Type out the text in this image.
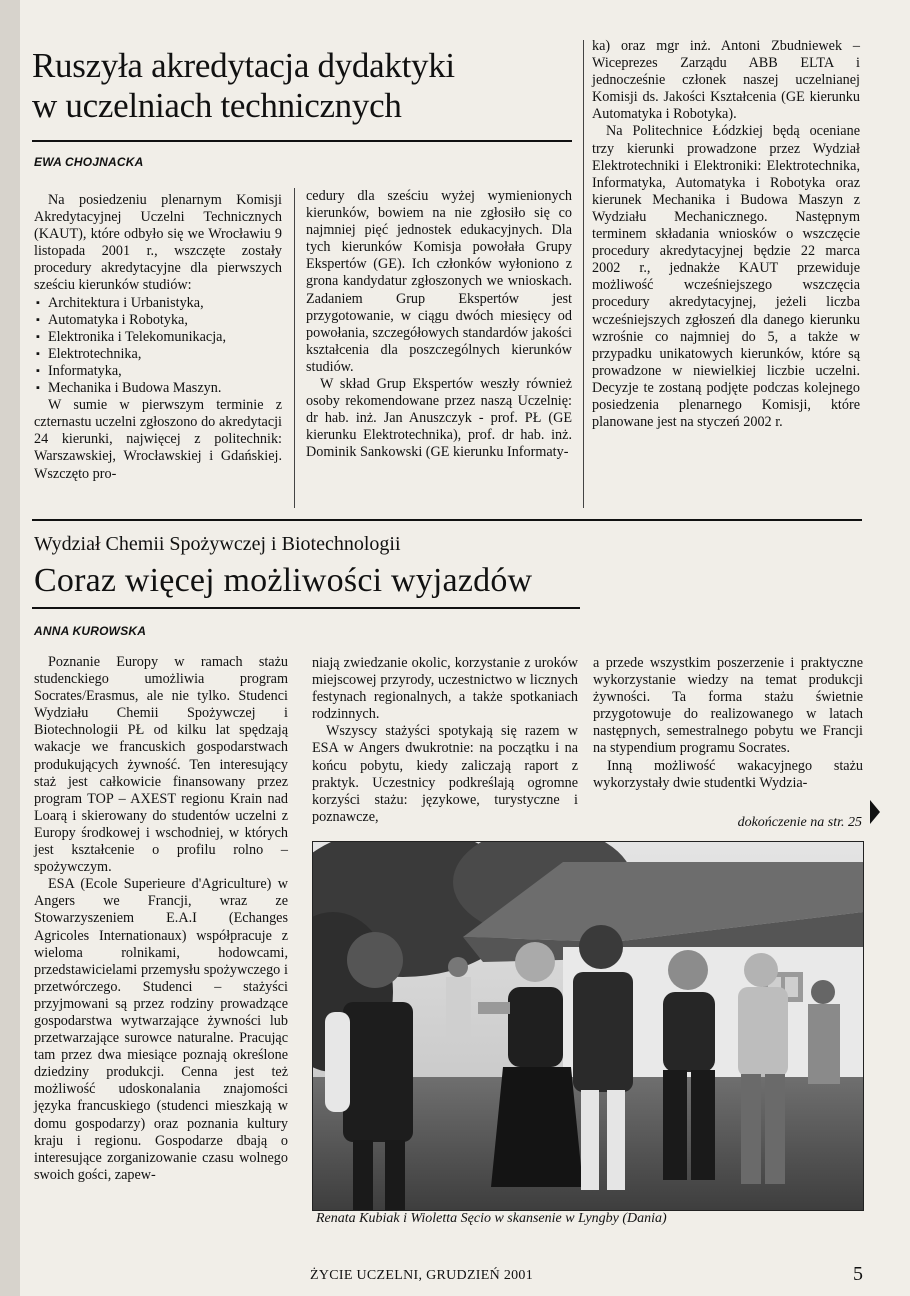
Ruszyła akredytacja dydaktyki
w uczelniach technicznych
EWA CHOJNACKA

Na posiedzeniu plenarnym Komisji Akredytacyjnej Uczelni Technicznych (KAUT), które odbyło się we Wrocławiu 9 listopada 2001 r., wszczęte zostały procedury akredytacyjne dla pierwszych sześciu kierunków studiów:

▪ Architektura i Urbanistyka,
▪ Automatyka i Robotyka,
▪ Elektronika i Telekomunikacja,
▪ Elektrotechnika,
▪ Informatyka,
▪ Mechanika i Budowa Maszyn.

W sumie w pierwszym terminie z czternastu uczelni zgłoszono do akredytacji 24 kierunki, najwięcej z politechnik: Warszawskiej, Wrocławskiej i Gdańskiej. Wszczęto pro-

cedury dla sześciu wyżej wymienionych kierunków, bowiem na nie zgłosiło się co najmniej pięć jednostek edukacyjnych. Dla tych kierunków Komisja powołała Grupy Ekspertów (GE). Ich członków wyłoniono z grona kandydatur zgłoszonych we wnioskach. Zadaniem Grup Ekspertów jest przygotowanie, w ciągu dwóch miesięcy od powołania, szczegółowych standardów jakości kształcenia dla poszczególnych kierunków studiów.

W skład Grup Ekspertów weszły również osoby rekomendowane przez naszą Uczelnię: dr hab. inż. Jan Anuszczyk - prof. PŁ (GE kierunku Elektrotechnika), prof. dr hab. inż. Dominik Sankowski (GE kierunku Informaty-

ka) oraz mgr inż. Antoni Zbudniewek – Wiceprezes Zarządu ABB ELTA i jednocześnie członek naszej uczelnianej Komisji ds. Jakości Kształcenia (GE kierunku Automatyka i Robotyka).

Na Politechnice Łódzkiej będą oceniane trzy kierunki prowadzone przez Wydział Elektrotechniki i Elektroniki: Elektrotechnika, Informatyka, Automatyka i Robotyka oraz kierunek Mechanika i Budowa Maszyn z Wydziału Mechanicznego. Następnym terminem składania wniosków o wszczęcie procedury akredytacyjnej będzie 22 marca 2002 r., jednakże KAUT przewiduje możliwość wcześniejszego wszczęcia procedury akredytacyjnej, jeżeli liczba wcześniejszych zgłoszeń dla danego kierunku wzrośnie co najmniej do 5, a także w przypadku unikatowych kierunków, które są prowadzone w niewielkiej liczbie uczelni. Decyzje te zostaną podjęte podczas kolejnego posiedzenia plenarnego Komisji, które planowane jest na styczeń 2002 r.

Wydział Chemii Spożywczej i Biotechnologii
Coraz więcej możliwości wyjazdów
ANNA KUROWSKA

Poznanie Europy w ramach stażu studenckiego umożliwia program Socrates/Erasmus, ale nie tylko. Studenci Wydziału Chemii Spożywczej i Biotechnologii PŁ od kilku lat spędzają wakacje we francuskich gospodarstwach produkujących żywność. Ten interesujący staż jest całkowicie finansowany przez program TOP – AXEST regionu Krain nad Loarą i skierowany do studentów uczelni z Europy środkowej i wschodniej, w których jest kształcenie o profilu rolno – spożywczym.

ESA (Ecole Superieure d'Agriculture) w Angers we Francji, wraz ze Stowarzyszeniem E.A.I (Echanges Agricoles Internationaux) współpracuje z wieloma rolnikami, hodowcami, przedstawicielami przemysłu spożywczego i przetwórczego. Studenci – stażyści przyjmowani są przez rodziny prowadzące gospodarstwa wytwarzające żywności lub przetwarzające surowce naturalne. Pracując tam przez dwa miesiące poznają określone dziedziny produkcji. Cenna jest też możliwość udoskonalania znajomości języka francuskiego (studenci mieszkają w domu gospodarzy) oraz poznania kultury kraju i regionu. Gospodarze dbają o interesujące zorganizowanie czasu wolnego swoich gości, zapew-

niają zwiedzanie okolic, korzystanie z uroków miejscowej przyrody, uczestnictwo w licznych festynach regionalnych, a także spotkaniach rodzinnych.

Wszyscy stażyści spotykają się razem w ESA w Angers dwukrotnie: na początku i na końcu pobytu, kiedy zaliczają raport z praktyk. Uczestnicy podkreślają ogromne korzyści stażu: językowe, turystyczne i poznawcze,

a przede wszystkim poszerzenie i praktyczne wykorzystanie wiedzy na temat produkcji żywności. Ta forma stażu świetnie przygotowuje do realizowanego w latach następnych, semestralnego pobytu we Francji na stypendium programu Socrates.

Inną możliwość wakacyjnego stażu wykorzystały dwie studentki Wydzia-

dokończenie na str. 25
Renata Kubiak i Wioletta Sęcio w skansenie w Lyngby (Dania)
ŻYCIE UCZELNI, GRUDZIEŃ 2001	5
